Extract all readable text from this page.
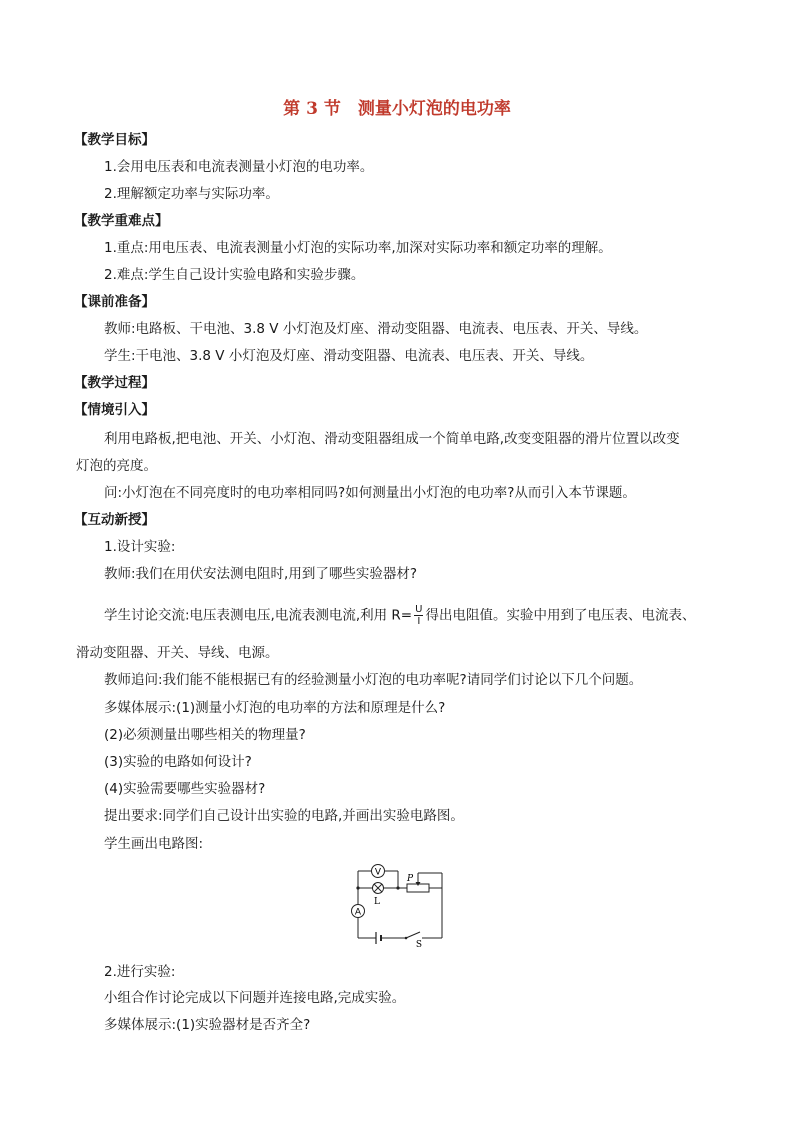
第 3 节　测量小灯泡的电功率
【教学目标】
1.会用电压表和电流表测量小灯泡的电功率。
2.理解额定功率与实际功率。
【教学重难点】
1.重点:用电压表、电流表测量小灯泡的实际功率,加深对实际功率和额定功率的理解。
2.难点:学生自己设计实验电路和实验步骤。
【课前准备】
教师:电路板、干电池、3.8 V 小灯泡及灯座、滑动变阻器、电流表、电压表、开关、导线。
学生:干电池、3.8 V 小灯泡及灯座、滑动变阻器、电流表、电压表、开关、导线。
【教学过程】
【情境引入】
利用电路板,把电池、开关、小灯泡、滑动变阻器组成一个简单电路,改变变阻器的滑片位置以改变
灯泡的亮度。
问:小灯泡在不同亮度时的电功率相同吗?如何测量出小灯泡的电功率?从而引入本节课题。
【互动新授】
1.设计实验:
教师:我们在用伏安法测电阻时,用到了哪些实验器材?
学生讨论交流:电压表测电压,电流表测电流,利用 $R= \frac{U}{I}$ 得出电阻值。实验中用到了电压表、电流表、
滑动变阻器、开关、导线、电源。
教师追问:我们能不能根据已有的经验测量小灯泡的电功率呢?请同学们讨论以下几个问题。
多媒体展示:(1)测量小灯泡的电功率的方法和原理是什么?
(2)必须测量出哪些相关的物理量?
(3)实验的电路如何设计?
(4)实验需要哪些实验器材?
提出要求:同学们自己设计出实验的电路,并画出实验电路图。
学生画出电路图:
V
L
P
A
S
2.进行实验:
小组合作讨论完成以下问题并连接电路,完成实验。
多媒体展示:(1)实验器材是否齐全?
